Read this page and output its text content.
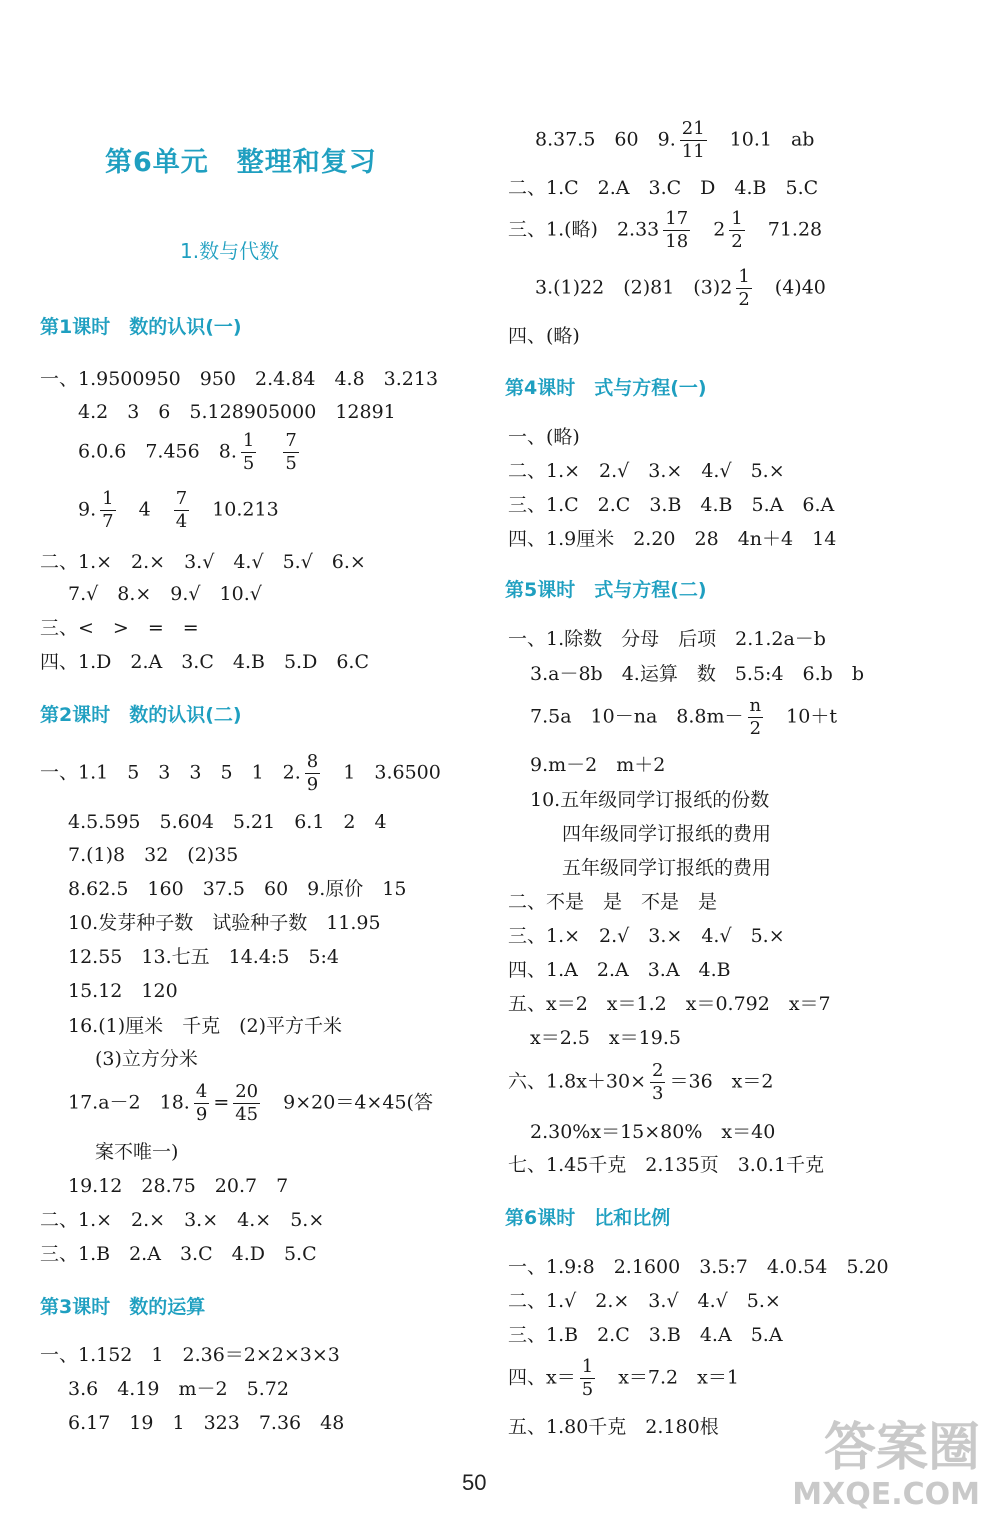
第6单元　整理和复习
1.数与代数
第1课时　数的认识(一)
一、1.9500950　950　2.4.84　4.8　3.213
4.2　3　6　5.128905000　12891
6.0.6　7.456　8. $\frac{1}{5}$
　 $\frac{7}{5}$
9. $\frac{1}{7}$
　 4　 $\frac{7}{4}$
　 10.213
二、1.×　2.×　3.√　4.√　5.√　6.×
7.√　8.×　9.√　10.√
三、<　>　=　=
四、1.D　2.A　3.C　4.B　5.D　6.C
第2课时　数的认识(二)
一、1.1　5　3　3　5　1　2. $\frac{8}{9}$
　 1　3.6500
4.5.595　5.604　5.21　6.1　2　4
7.(1)8　32　(2)35
8.62.5　160　37.5　60　9.原价　15
10.发芽种子数　试验种子数　11.95
12.55　13.七五　14.4:5　5:4
15.12　120
16.(1)厘米　千克　(2)平方千米
(3)立方分米
17.a－2　18. $\frac{4}{9} = \frac{20}{45}$
　 9×20＝4×45(答
案不唯一)
19.12　28.75　20.7　7
二、1.×　2.×　3.×　4.×　5.×
三、1.B　2.A　3.C　4.D　5.C
第3课时　数的运算
一、1.152　1　2.36＝2×2×3×3
3.6　4.19　m－2　5.72
6.17　19　1　323　7.36　48
8.37.5　60　9. $\frac{21}{11}$
　 10.1　ab
二、1.C　2.A　3.C　D　4.B　5.C
三、1.(略)　$2.33 \frac{17}{18}$
　 $2 \frac{1}{2}$
　 71.28
3.(1)22　(2)81　$(3)2 \frac{1}{2}$
　 (4)40
四、(略)
第4课时　式与方程(一)
一、(略)
二、1.×　2.√　3.×　4.√　5.×
三、1.C　2.C　3.B　4.B　5.A　6.A
四、1.9厘米　2.20　28　4n＋4　14
第5课时　式与方程(二)
一、1.除数　分母　后项　2.1.2a－b
3.a－8b　4.运算　数　5.5:4　6.b　b
7.5a　10－na　$8.8m- \frac{n}{2}$
　 10＋t
9.m－2　m＋2
10.五年级同学订报纸的份数
四年级同学订报纸的费用
五年级同学订报纸的费用
二、不是　是　不是　是
三、1.×　2.√　3.×　4.√　5.×
四、1.A　2.A　3.A　4.B
五、x＝2　x＝1.2　x＝0.792　x＝7
x＝2.5　x＝19.5
六、$1.8x+30\times \frac{2}{3} =36$　x＝2
2.30%x＝15×80%　x＝40
七、1.45千克　2.135页　3.0.1千克
第6课时　比和比例
一、1.9:8　2.1600　3.5:7　4.0.54　5.20
二、1.√　2.×　3.√　4.√　5.×
三、1.B　2.C　3.B　4.A　5.A
四、$x= \frac{1}{5}$
　 x＝7.2　x＝1
五、1.80千克　2.180根
50
答案圈
MXQE.COM
